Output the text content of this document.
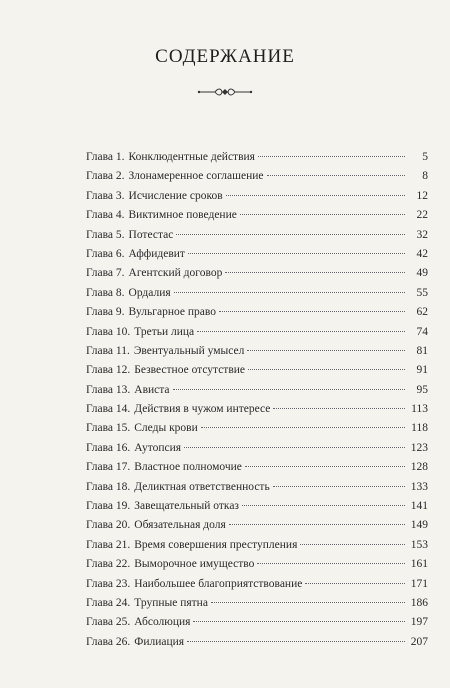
СОДЕРЖАНИЕ
Глава 1. Конклюдентные действия	5
Глава 2. Злонамеренное соглашение	8
Глава 3. Исчисление сроков	12
Глава 4. Виктимное поведение	22
Глава 5. Потестас	32
Глава 6. Аффидевит	42
Глава 7. Агентский договор	49
Глава 8. Ордалия	55
Глава 9. Вульгарное право	62
Глава 10. Третьи лица	74
Глава 11. Эвентуальный умысел	81
Глава 12. Безвестное отсутствие	91
Глава 13. Ависта	95
Глава 14. Действия в чужом интересе	113
Глава 15. Следы крови	118
Глава 16. Аутопсия	123
Глава 17. Властное полномочие	128
Глава 18. Деликтная ответственность	133
Глава 19. Завещательный отказ	141
Глава 20. Обязательная доля	149
Глава 21. Время совершения преступления	153
Глава 22. Выморочное имущество	161
Глава 23. Наибольшее благоприятствование	171
Глава 24. Трупные пятна	186
Глава 25. Абсолюция	197
Глава 26. Филиация	207
